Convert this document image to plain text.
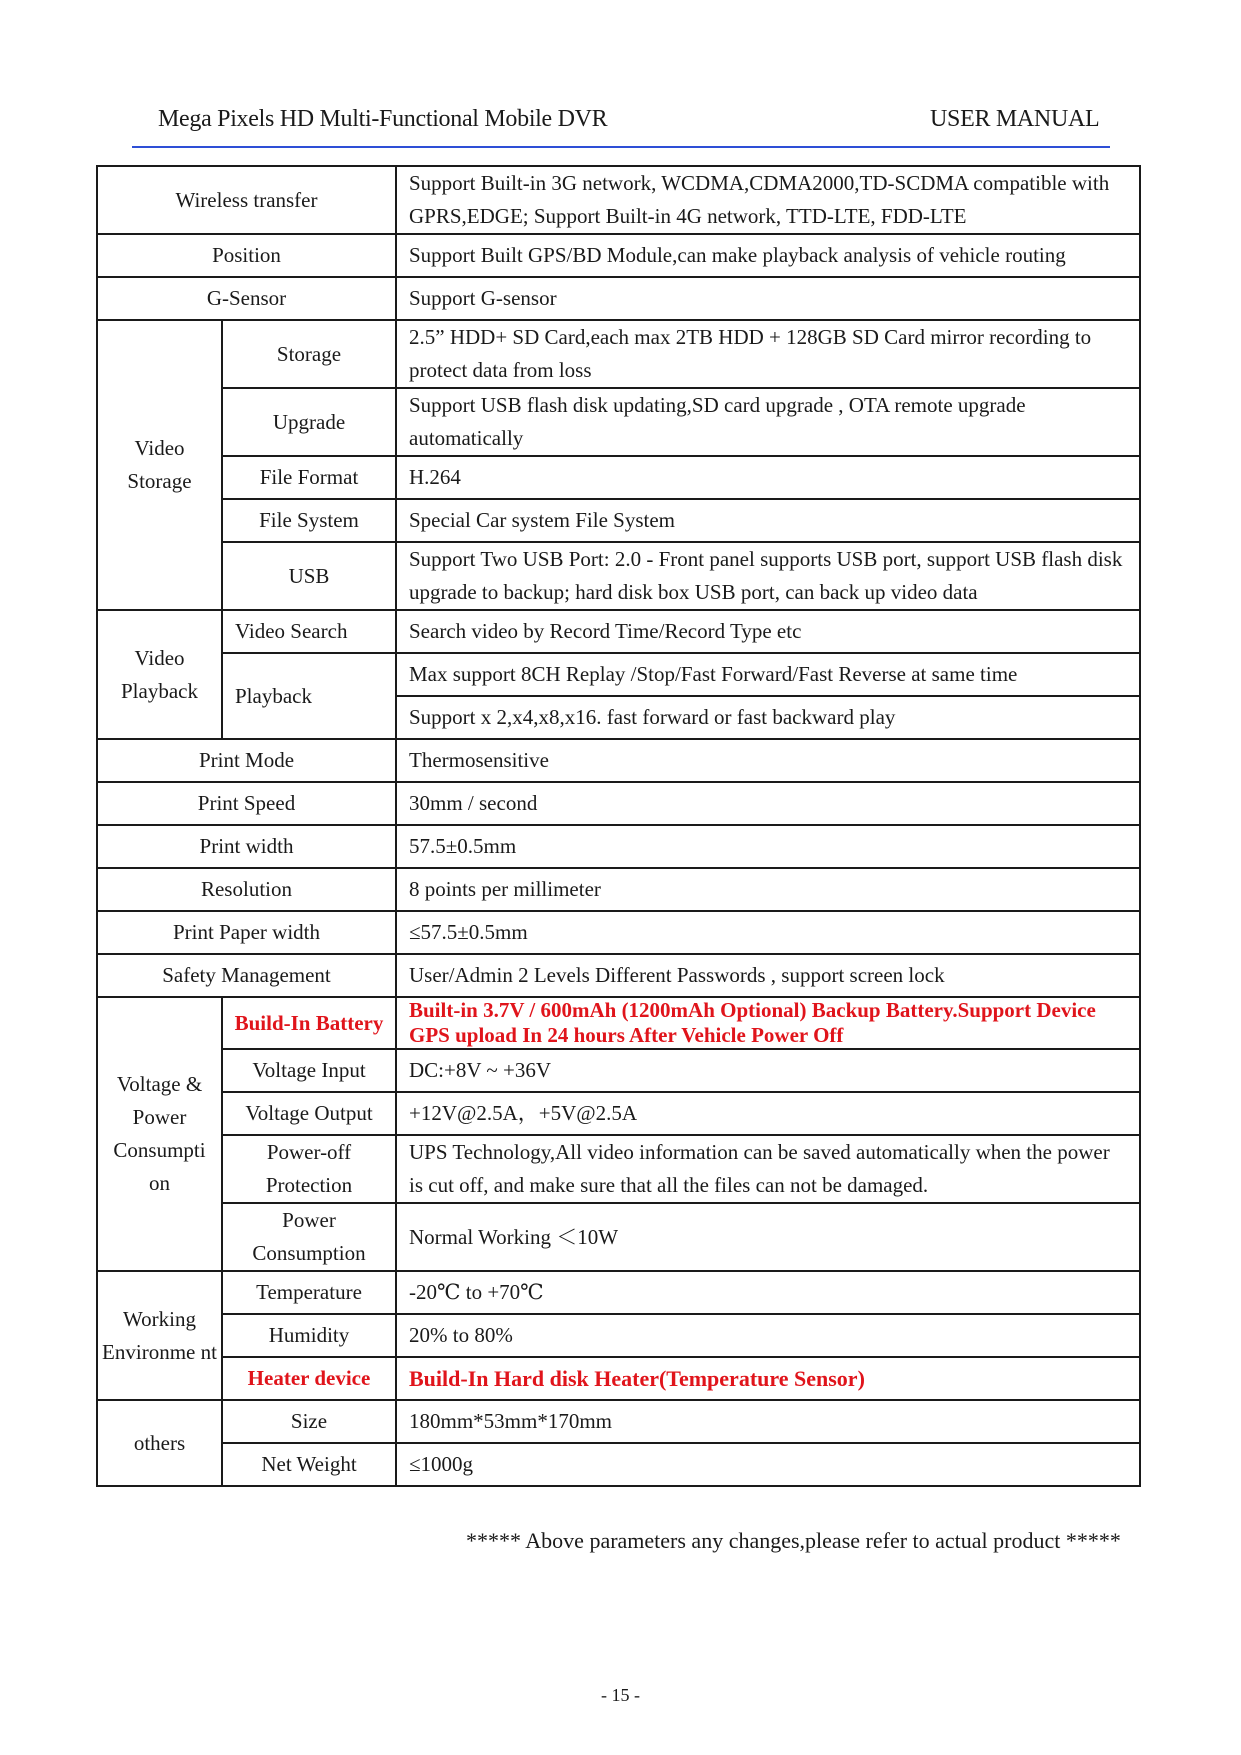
Mega Pixels HD Multi-Functional Mobile DVR	USER MANUAL
Wireless transfer		Support Built-in 3G network, WCDMA,CDMA2000,TD-SCDMA compatible with GPRS,EDGE; Support Built-in 4G network, TTD-LTE, FDD-LTE
Position		Support Built GPS/BD Module,can make playback analysis of vehicle routing
G-Sensor		Support G-sensor
Video Storage	Storage	2.5” HDD+ SD Card,each max 2TB HDD + 128GB SD Card mirror recording to protect data from loss
	Upgrade	Support USB flash disk updating,SD card upgrade , OTA remote upgrade automatically
	File Format	H.264
	File System	Special Car system File System
	USB	Support Two USB Port: 2.0 - Front panel supports USB port, support USB flash disk upgrade to backup; hard disk box USB port, can back up video data
Video Playback	Video Search	Search video by Record Time/Record Type etc
	Playback	Max support 8CH Replay /Stop/Fast Forward/Fast Reverse at same time
		Support x 2,x4,x8,x16. fast forward or fast backward play
Print Mode		Thermosensitive
Print Speed		30mm / second
Print width		57.5±0.5mm
Resolution		8 points per millimeter
Print Paper width		≤57.5±0.5mm
Safety Management		User/Admin 2 Levels Different Passwords , support screen lock
Voltage & Power Consumpti on	Build-In Battery	Built-in 3.7V / 600mAh (1200mAh Optional) Backup Battery.Support Device GPS upload In 24 hours After Vehicle Power Off
	Voltage Input	DC:+8V ~ +36V
	Voltage Output	+12V@2.5A，+5V@2.5A
	Power-off Protection	UPS Technology,All video information can be saved automatically when the power is cut off, and make sure that all the files can not be damaged.
	Power Consumption	Normal Working ＜10W
Working Environme nt	Temperature	-20℃ to +70℃
	Humidity	20% to 80%
	Heater device	Build-In Hard disk Heater(Temperature Sensor)
others	Size	180mm*53mm*170mm
	Net Weight	≤1000g
***** Above parameters any changes,please refer to actual product *****
- 15 -
